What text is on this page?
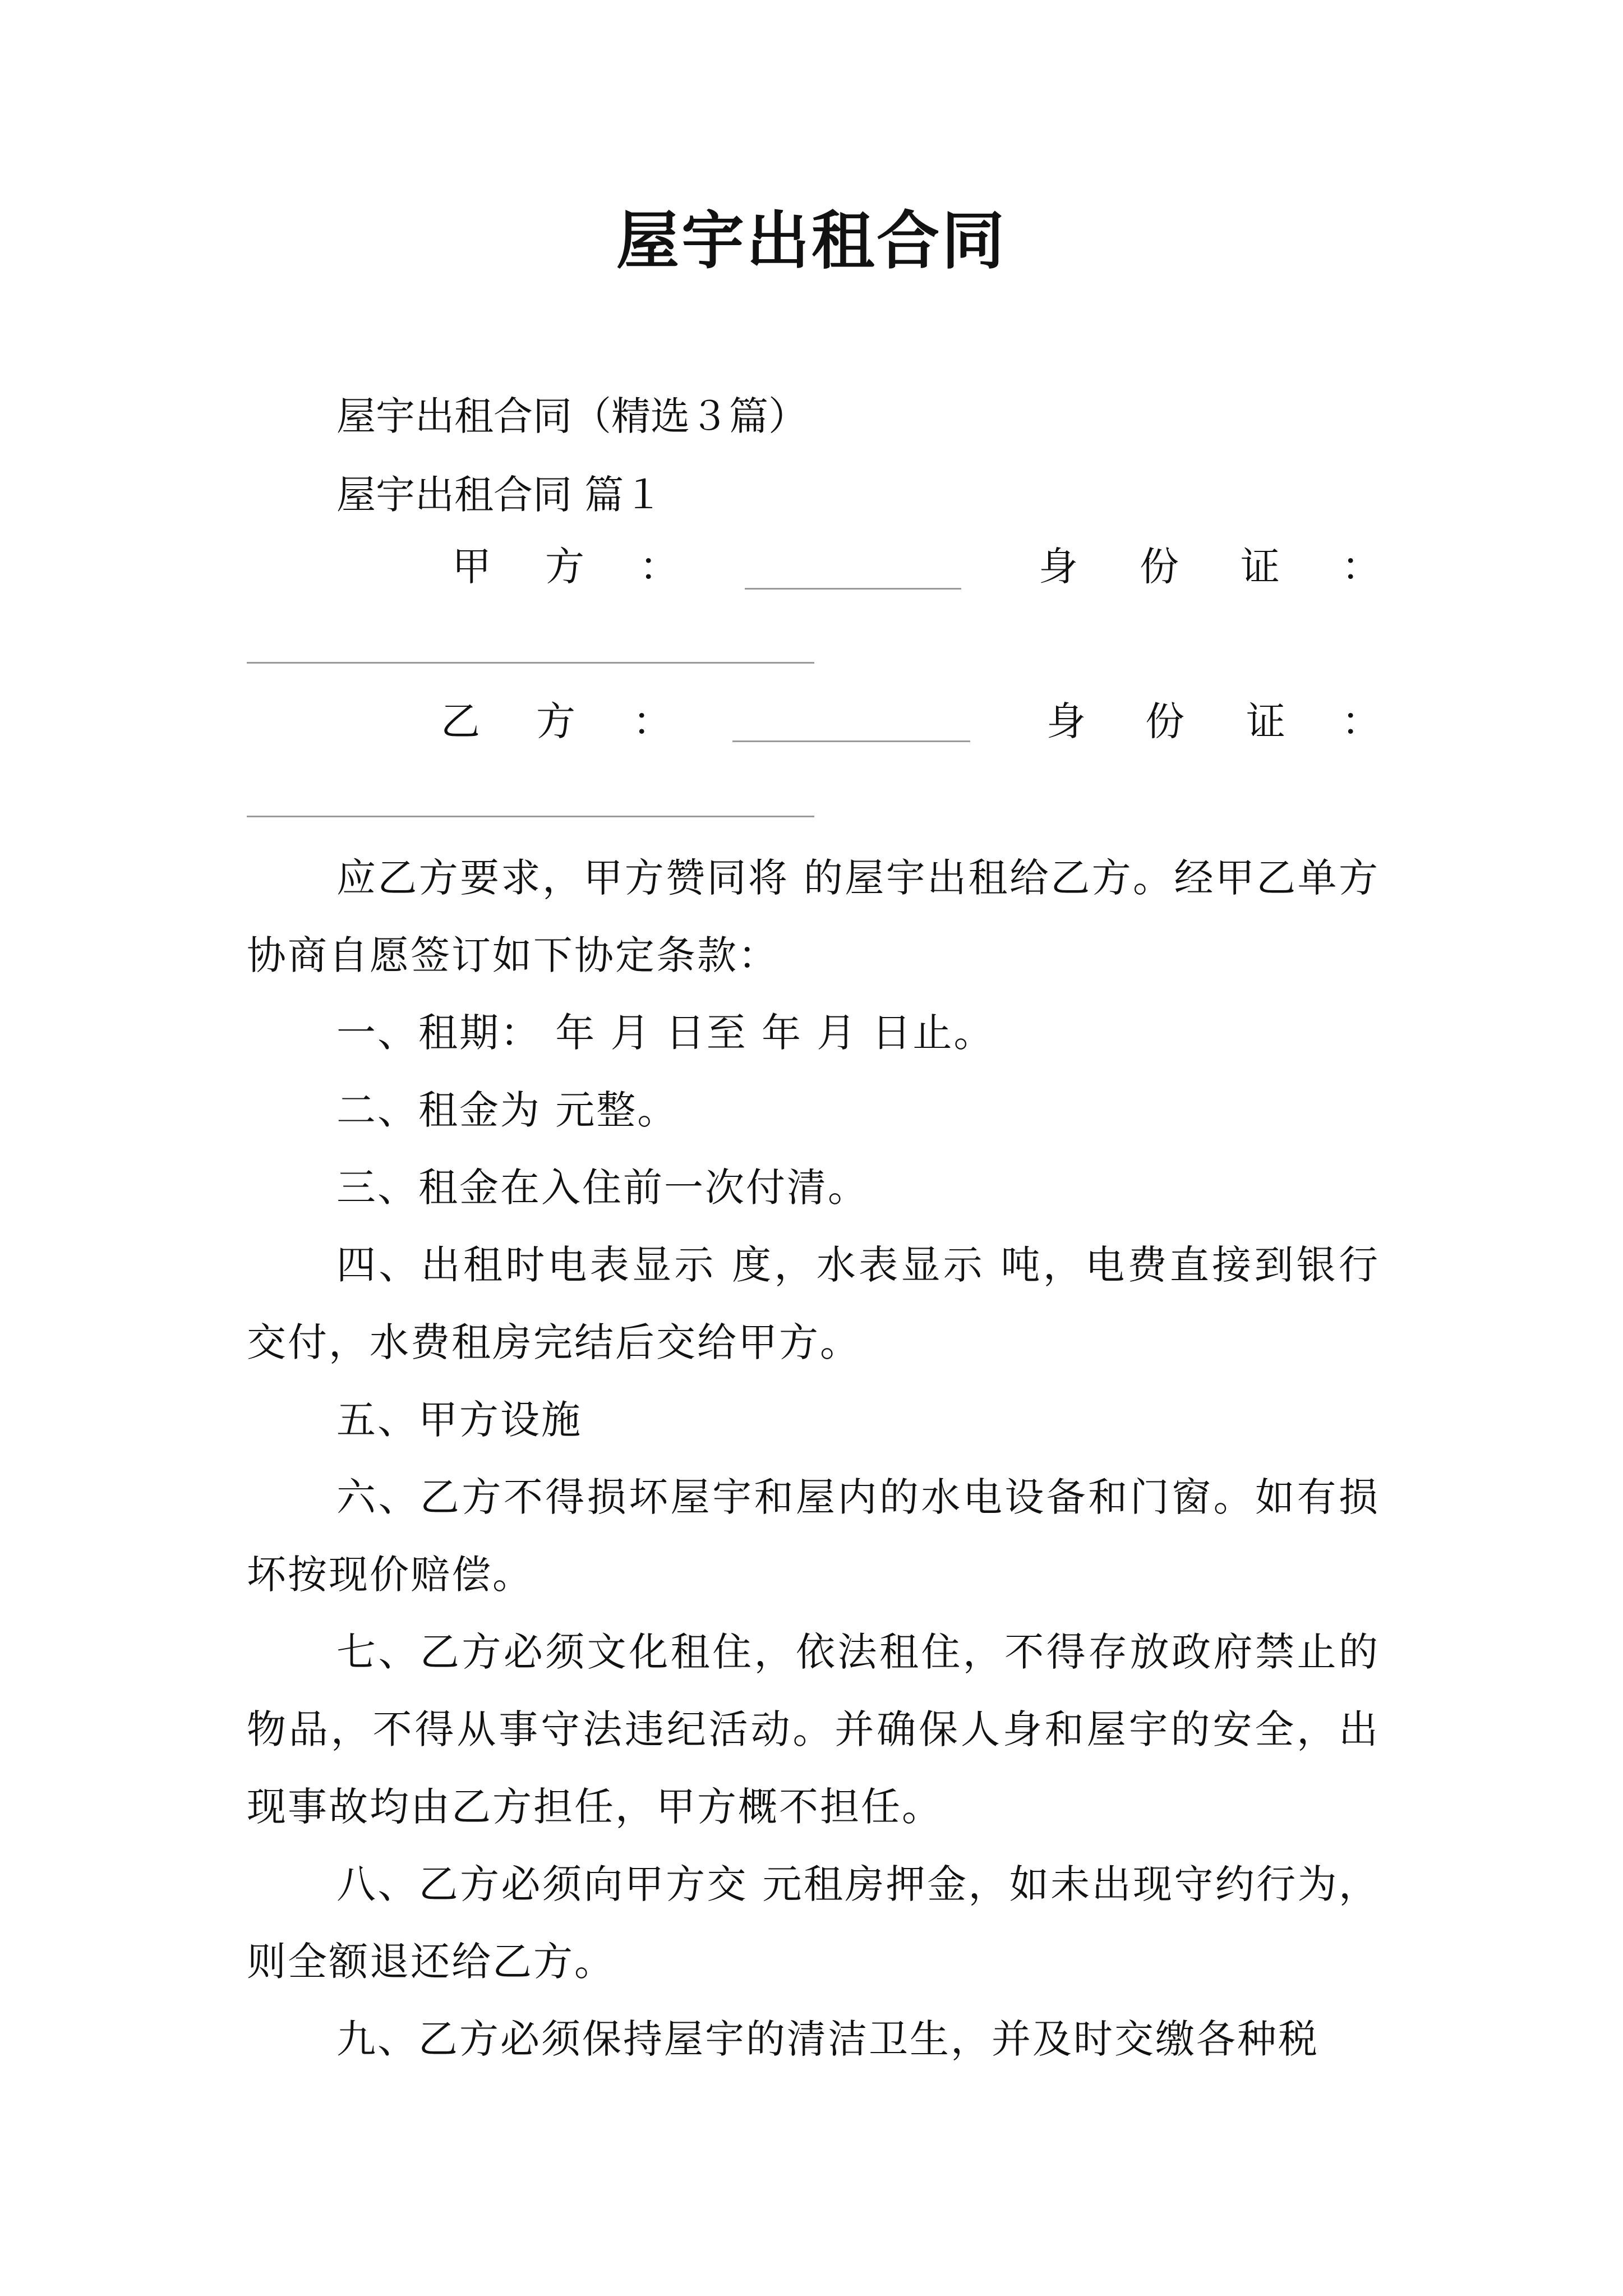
屋宇出租合同
屋宇出租合同（精选３篇）
屋宇出租合同 篇１
甲 方 ：	身 份 证 ：
乙 方 ：	身 份 证 ：
应乙方要求，甲方赞同将 的屋宇出租给乙方。经甲乙单方协商自愿签订如下协定条款：
一、租期： 年 月 日至 年 月 日止。
二、租金为 元整。
三、租金在入住前一次付清。
四、出租时电表显示 度，水表显示 吨，电费直接到银行交付，水费租房完结后交给甲方。
五、甲方设施
六、乙方不得损坏屋宇和屋内的水电设备和门窗。如有损坏按现价赔偿。
七、乙方必须文化租住，依法租住，不得存放政府禁止的物品，不得从事守法违纪活动。并确保人身和屋宇的安全，出现事故均由乙方担任，甲方概不担任。
八、乙方必须向甲方交 元租房押金，如未出现守约行为，则全额退还给乙方。
九、乙方必须保持屋宇的清洁卫生，并及时交缴各种税
